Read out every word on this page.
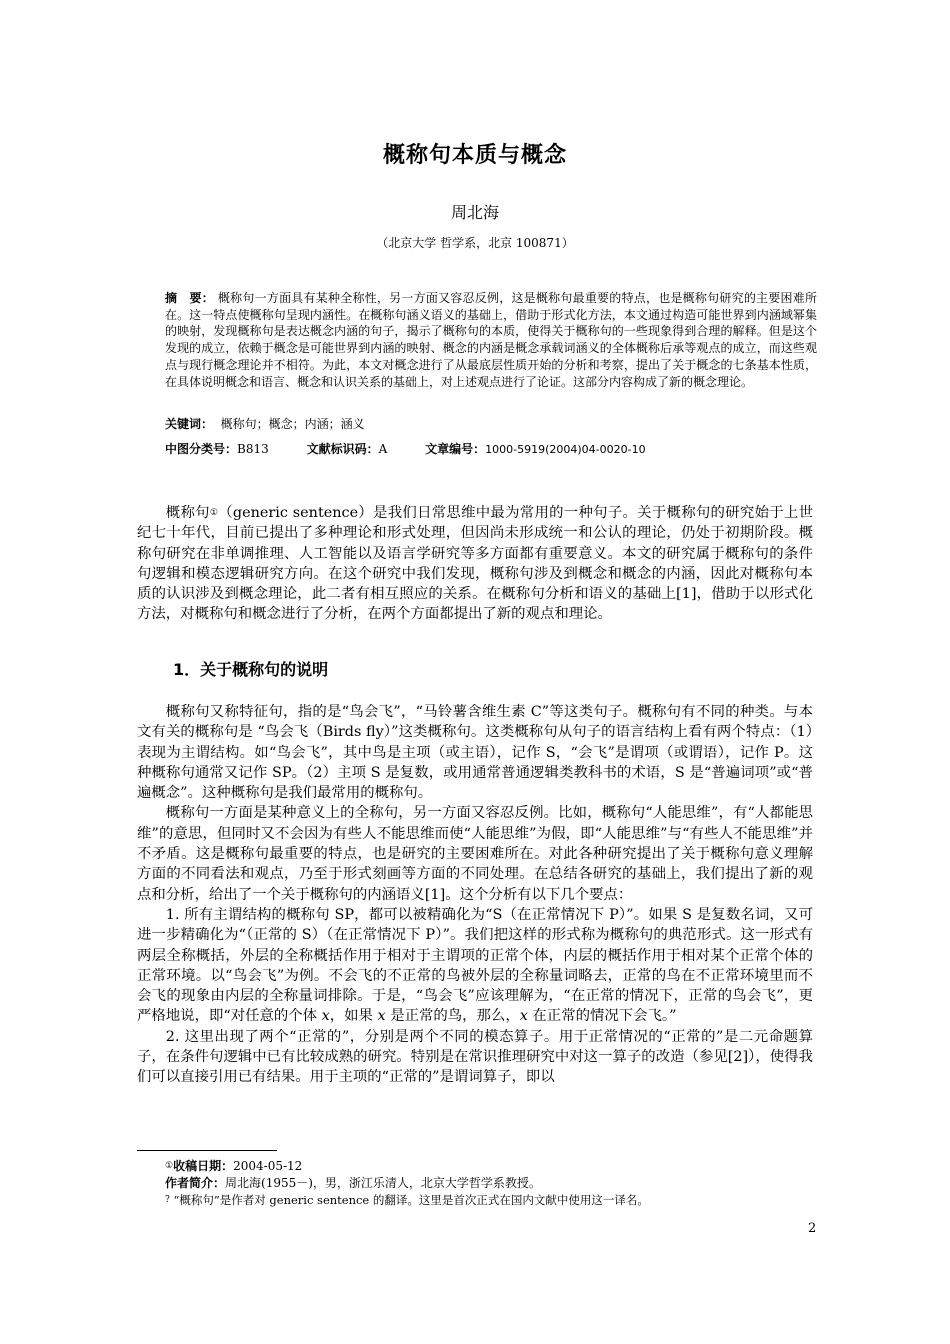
概称句本质与概念
周北海
（北京大学 哲学系，北京 100871）
摘　要： 概称句一方面具有某种全称性，另一方面又容忍反例，这是概称句最重要的特点，也是概称句研究的主要困难所在。这一特点使概称句呈现内涵性。在概称句涵义语义的基础上，借助于形式化方法，本文通过构造可能世界到内涵域幂集的映射，发现概称句是表达概念内涵的句子，揭示了概称句的本质，使得关于概称句的一些现象得到合理的解释。但是这个发现的成立，依赖于概念是可能世界到内涵的映射、概念的内涵是概念承载词涵义的全体概称后承等观点的成立，而这些观点与现行概念理论并不相符。为此，本文对概念进行了从最底层性质开始的分析和考察，提出了关于概念的七条基本性质，在具体说明概念和语言、概念和认识关系的基础上，对上述观点进行了论证。这部分内容构成了新的概念理论。
关键词： 概称句；概念；内涵；涵义
中图分类号：B813	文献标识码：A	文章编号：1000-5919(2004)04-0020-10

概称句①（generic sentence）是我们日常思维中最为常用的一种句子。关于概称句的研究始于上世纪七十年代，目前已提出了多种理论和形式处理，但因尚未形成统一和公认的理论，仍处于初期阶段。概称句研究在非单调推理、人工智能以及语言学研究等多方面都有重要意义。本文的研究属于概称句的条件句逻辑和模态逻辑研究方向。在这个研究中我们发现，概称句涉及到概念和概念的内涵，因此对概称句本质的认识涉及到概念理论，此二者有相互照应的关系。在概称句分析和语义的基础上[1]，借助于以形式化方法，对概称句和概念进行了分析，在两个方面都提出了新的观点和理论。

1．关于概称句的说明

概称句又称特征句，指的是“鸟会飞”，“马铃薯含维生素 C”等这类句子。概称句有不同的种类。与本文有关的概称句是 “鸟会飞（Birds fly）”这类概称句。这类概称句从句子的语言结构上看有两个特点：（1）表现为主谓结构。如“鸟会飞”，其中鸟是主项（或主语），记作 S，“会飞”是谓项（或谓语），记作 P。这种概称句通常又记作 SP。（2）主项 S 是复数，或用通常普通逻辑类教科书的术语，S 是“普遍词项”或“普遍概念”。这种概称句是我们最常用的概称句。

概称句一方面是某种意义上的全称句，另一方面又容忍反例。比如，概称句“人能思维”，有“人都能思维”的意思，但同时又不会因为有些人不能思维而使“人能思维”为假，即“人能思维”与“有些人不能思维”并不矛盾。这是概称句最重要的特点，也是研究的主要困难所在。对此各种研究提出了关于概称句意义理解方面的不同看法和观点，乃至于形式刻画等方面的不同处理。在总结各研究的基础上，我们提出了新的观点和分析，给出了一个关于概称句的内涵语义[1]。这个分析有以下几个要点：

1. 所有主谓结构的概称句 SP，都可以被精确化为“S（在正常情况下 P）”。如果 S 是复数名词，又可进一步精确化为“（正常的 S）（在正常情况下 P）”。我们把这样的形式称为概称句的典范形式。这一形式有两层全称概括，外层的全称概括作用于相对于主谓项的正常个体，内层的概括作用于相对某个正常个体的正常环境。以“鸟会飞”为例。不会飞的不正常的鸟被外层的全称量词略去，正常的鸟在不正常环境里而不会飞的现象由内层的全称量词排除。于是，“鸟会飞”应该理解为，“在正常的情况下，正常的鸟会飞”，更严格地说，即“对任意的个体 x，如果 x 是正常的鸟，那么，x 在正常的情况下会飞。”

2. 这里出现了两个“正常的”，分别是两个不同的模态算子。用于正常情况的“正常的”是二元命题算子，在条件句逻辑中已有比较成熟的研究。特别是在常识推理研究中对这一算子的改造（参见[2]），使得我们可以直接引用已有结果。用于主项的“正常的”是谓词算子，即以

①收稿日期：2004-05-12
作者简介：周北海(1955－)，男，浙江乐清人，北京大学哲学系教授。
? “概称句”是作者对 generic sentence 的翻译。这里是首次正式在国内文献中使用这一译名。
2
